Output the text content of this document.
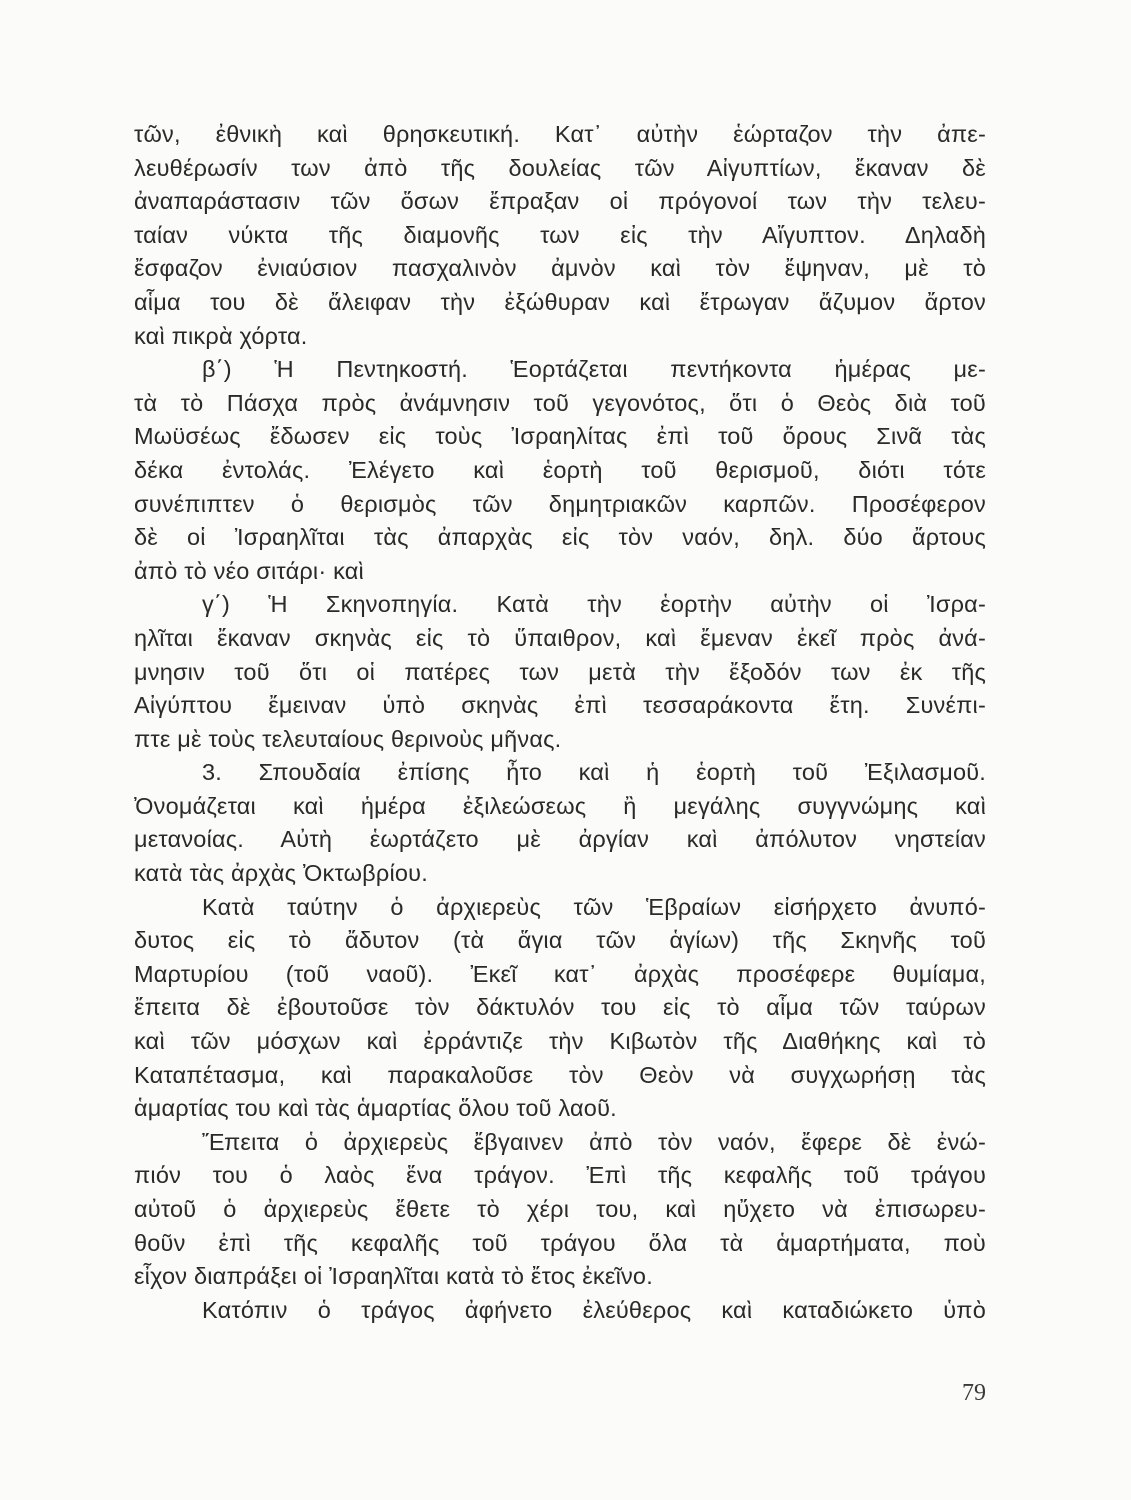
τῶν, ἐθνικὴ καὶ θρησκευτική. Κατ᾽ αὐτὴν ἑώρταζον τὴν ἀπε-
λευθέρωσίν των ἀπὸ τῆς δουλείας τῶν Αἰγυπτίων, ἔκαναν δὲ
ἀναπαράστασιν τῶν ὅσων ἔπραξαν οἱ πρόγονοί των τὴν τελευ-
ταίαν νύκτα τῆς διαμονῆς των εἰς τὴν Αἴγυπτον. Δηλαδὴ
ἔσφαζον ἐνιαύσιον πασχαλινὸν ἀμνὸν καὶ τὸν ἔψηναν, μὲ τὸ
αἷμα του δὲ ἄλειφαν τὴν ἐξώθυραν καὶ ἔτρωγαν ἄζυμον ἄρτον
καὶ πικρὰ χόρτα.
β΄) Ἡ Πεντηκοστή. Ἑορτάζεται πεντήκοντα ἡμέρας με-
τὰ τὸ Πάσχα πρὸς ἀνάμνησιν τοῦ γεγονότος, ὅτι ὁ Θεὸς διὰ τοῦ
Μωϋσέως ἔδωσεν εἰς τοὺς Ἰσραηλίτας ἐπὶ τοῦ ὄρους Σινᾶ τὰς
δέκα ἐντολάς. Ἐλέγετο καὶ ἑορτὴ τοῦ θερισμοῦ, διότι τότε
συνέπιπτεν ὁ θερισμὸς τῶν δημητριακῶν καρπῶν. Προσέφερον
δὲ οἱ Ἰσραηλῖται τὰς ἀπαρχὰς εἰς τὸν ναόν, δηλ. δύο ἄρτους
ἀπὸ τὸ νέο σιτάρι· καὶ
γ΄) Ἡ Σκηνοπηγία. Κατὰ τὴν ἑορτὴν αὐτὴν οἱ Ἰσρα-
ηλῖται ἔκαναν σκηνὰς εἰς τὸ ὕπαιθρον, καὶ ἔμεναν ἐκεῖ πρὸς ἀνά-
μνησιν τοῦ ὅτι οἱ πατέρες των μετὰ τὴν ἔξοδόν των ἐκ τῆς
Αἰγύπτου ἔμειναν ὑπὸ σκηνὰς ἐπὶ τεσσαράκοντα ἔτη. Συνέπι-
πτε μὲ τοὺς τελευταίους θερινοὺς μῆνας.
3. Σπουδαία ἐπίσης ἦτο καὶ ἡ ἑορτὴ τοῦ Ἐξιλασμοῦ.
Ὀνομάζεται καὶ ἡμέρα ἐξιλεώσεως ἢ μεγάλης συγγνώμης καὶ
μετανοίας. Αὐτὴ ἑωρτάζετο μὲ ἀργίαν καὶ ἀπόλυτον νηστείαν
κατὰ τὰς ἀρχὰς Ὀκτωβρίου.
Κατὰ ταύτην ὁ ἀρχιερεὺς τῶν Ἑβραίων εἰσήρχετο ἀνυπό-
δυτος εἰς τὸ ἄδυτον (τὰ ἅγια τῶν ἁγίων) τῆς Σκηνῆς τοῦ
Μαρτυρίου (τοῦ ναοῦ). Ἐκεῖ κατ᾽ ἀρχὰς προσέφερε θυμίαμα,
ἔπειτα δὲ ἐβουτοῦσε τὸν δάκτυλόν του εἰς τὸ αἷμα τῶν ταύρων
καὶ τῶν μόσχων καὶ ἐρράντιζε τὴν Κιβωτὸν τῆς Διαθήκης καὶ τὸ
Καταπέτασμα, καὶ παρακαλοῦσε τὸν Θεὸν νὰ συγχωρήσῃ τὰς
ἁμαρτίας του καὶ τὰς ἁμαρτίας ὅλου τοῦ λαοῦ.
Ἔπειτα ὁ ἀρχιερεὺς ἔβγαινεν ἀπὸ τὸν ναόν, ἔφερε δὲ ἐνώ-
πιόν του ὁ λαὸς ἕνα τράγον. Ἐπὶ τῆς κεφαλῆς τοῦ τράγου
αὐτοῦ ὁ ἀρχιερεὺς ἔθετε τὸ χέρι του, καὶ ηὔχετο νὰ ἐπισωρευ-
θοῦν ἐπὶ τῆς κεφαλῆς τοῦ τράγου ὅλα τὰ ἁμαρτήματα, ποὺ
εἶχον διαπράξει οἱ Ἰσραηλῖται κατὰ τὸ ἔτος ἐκεῖνο.
Κατόπιν ὁ τράγος ἀφήνετο ἐλεύθερος καὶ καταδιώκετο ὑπὸ
79
